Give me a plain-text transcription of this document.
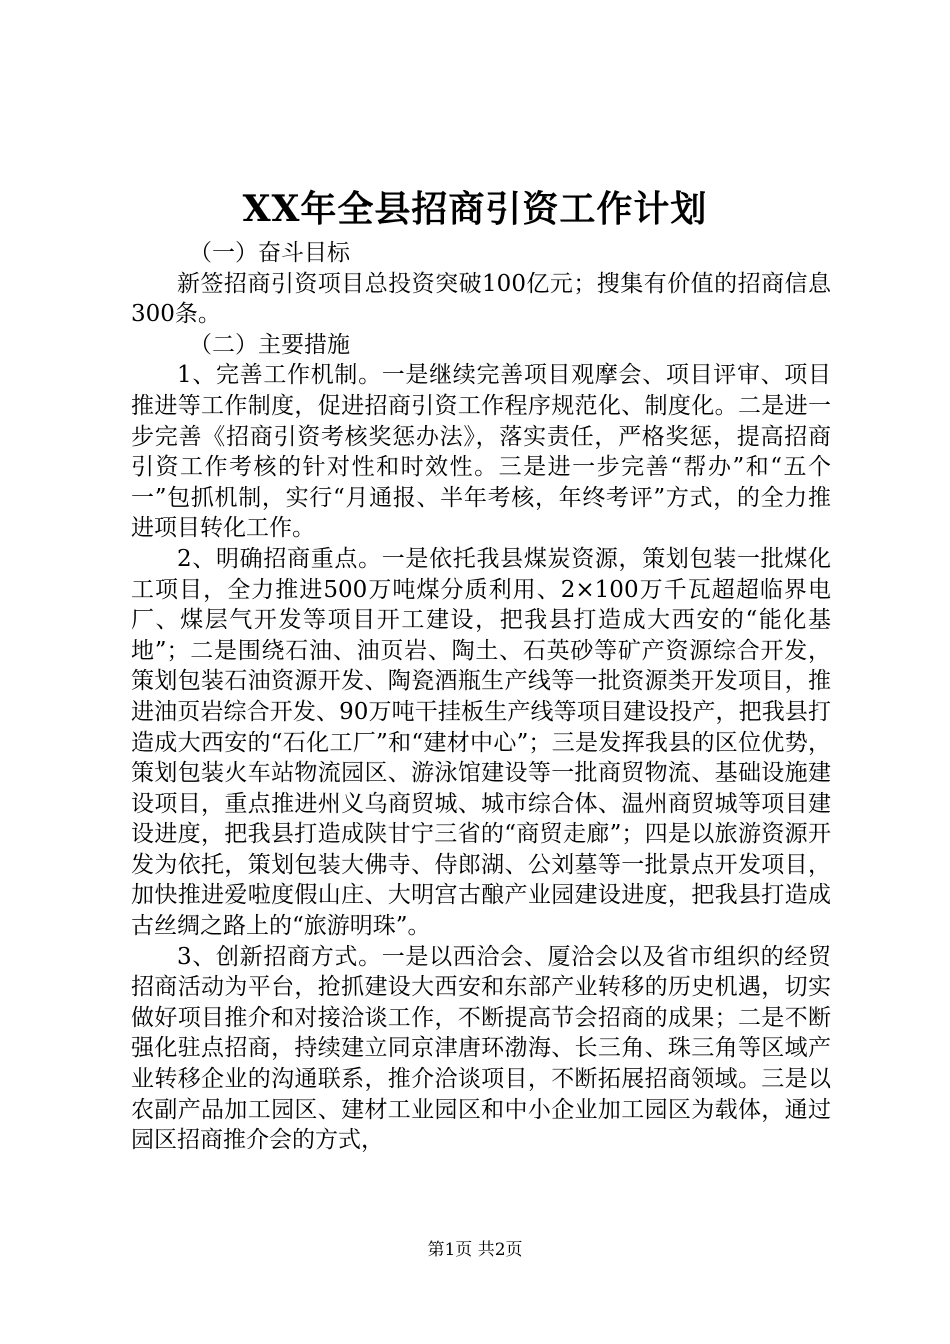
XX年全县招商引资工作计划

（一）奋斗目标

新签招商引资项目总投资突破100亿元；搜集有价值的招商信息300条。

（二）主要措施

1、完善工作机制。一是继续完善项目观摩会、项目评审、项目推进等工作制度，促进招商引资工作程序规范化、制度化。二是进一步完善《招商引资考核奖惩办法》，落实责任，严格奖惩，提高招商引资工作考核的针对性和时效性。三是进一步完善“帮办”和“五个一”包抓机制，实行“月通报、半年考核，年终考评”方式，的全力推进项目转化工作。

2、明确招商重点。一是依托我县煤炭资源，策划包装一批煤化工项目，全力推进500万吨煤分质利用、2×100万千瓦超超临界电厂、煤层气开发等项目开工建设，把我县打造成大西安的“能化基地”；二是围绕石油、油页岩、陶土、石英砂等矿产资源综合开发，策划包装石油资源开发、陶瓷酒瓶生产线等一批资源类开发项目，推进油页岩综合开发、90万吨干挂板生产线等项目建设投产，把我县打造成大西安的“石化工厂”和“建材中心”；三是发挥我县的区位优势，策划包装火车站物流园区、游泳馆建设等一批商贸物流、基础设施建设项目，重点推进州义乌商贸城、城市综合体、温州商贸城等项目建设进度，把我县打造成陕甘宁三省的“商贸走廊”；四是以旅游资源开发为依托，策划包装大佛寺、侍郎湖、公刘墓等一批景点开发项目，加快推进爱啦度假山庄、大明宫古酿产业园建设进度，把我县打造成古丝绸之路上的“旅游明珠”。

3、创新招商方式。一是以西洽会、厦洽会以及省市组织的经贸招商活动为平台，抢抓建设大西安和东部产业转移的历史机遇，切实做好项目推介和对接洽谈工作，不断提高节会招商的成果；二是不断强化驻点招商，持续建立同京津唐环渤海、长三角、珠三角等区域产业转移企业的沟通联系，推介洽谈项目，不断拓展招商领域。三是以农副产品加工园区、建材工业园区和中小企业加工园区为载体，通过园区招商推介会的方式，

第1页 共2页
